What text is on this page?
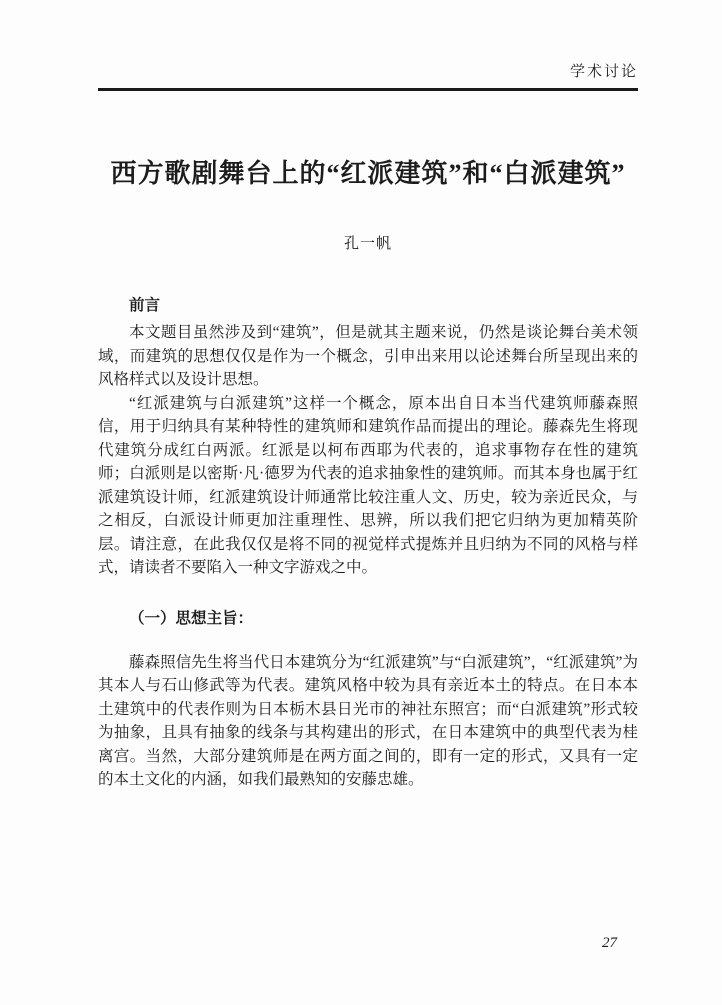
学术讨论
西方歌剧舞台上的“红派建筑”和“白派建筑”
孔一帆
前言

本文题目虽然涉及到“建筑”，但是就其主题来说，仍然是谈论舞台美术领域，而建筑的思想仅仅是作为一个概念，引申出来用以论述舞台所呈现出来的风格样式以及设计思想。

“红派建筑与白派建筑”这样一个概念，原本出自日本当代建筑师藤森照信，用于归纳具有某种特性的建筑师和建筑作品而提出的理论。藤森先生将现代建筑分成红白两派。红派是以柯布西耶为代表的，追求事物存在性的建筑师；白派则是以密斯·凡·德罗为代表的追求抽象性的建筑师。而其本身也属于红派建筑设计师，红派建筑设计师通常比较注重人文、历史，较为亲近民众，与之相反，白派设计师更加注重理性、思辨，所以我们把它归纳为更加精英阶层。请注意，在此我仅仅是将不同的视觉样式提炼并且归纳为不同的风格与样式，请读者不要陷入一种文字游戏之中。

（一）思想主旨：

藤森照信先生将当代日本建筑分为“红派建筑”与“白派建筑”，“红派建筑”为其本人与石山修武等为代表。建筑风格中较为具有亲近本土的特点。在日本本土建筑中的代表作则为日本栃木县日光市的神社东照宫；而“白派建筑”形式较为抽象，且具有抽象的线条与其构建出的形式，在日本建筑中的典型代表为桂离宫。当然，大部分建筑师是在两方面之间的，即有一定的形式，又具有一定的本土文化的内涵，如我们最熟知的安藤忠雄。

27
